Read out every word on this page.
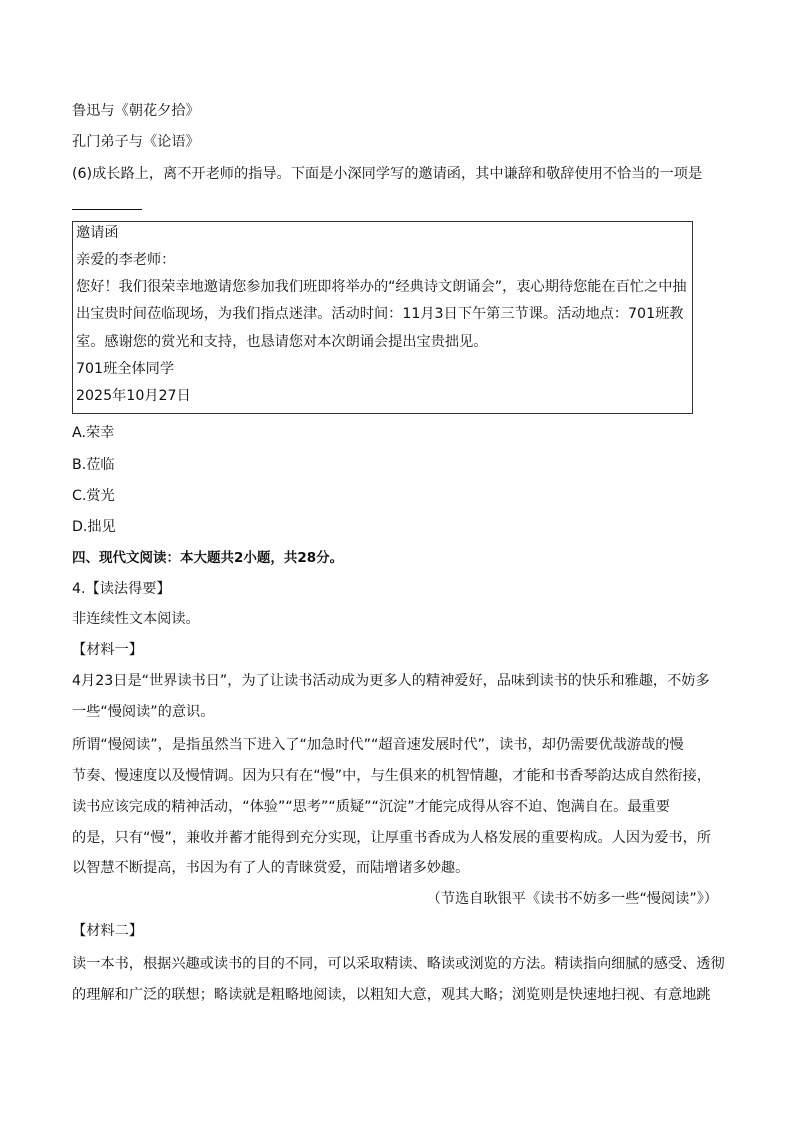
鲁迅与《朝花夕拾》
孔门弟子与《论语》
(6)成长路上，离不开老师的指导。下面是小深同学写的邀请函，其中谦辞和敬辞使用不恰当的一项是
邀请函
亲爱的李老师：
您好！我们很荣幸地邀请您参加我们班即将举办的“经典诗文朗诵会”，衷心期待您能在百忙之中抽
出宝贵时间莅临现场，为我们指点迷津。活动时间：11月3日下午第三节课。活动地点：701班教
室。感谢您的赏光和支持，也恳请您对本次朗诵会提出宝贵拙见。
701班全体同学
2025年10月27日
A.荣幸
B.莅临
C.赏光
D.拙见
四、现代文阅读：本大题共2小题，共28分。
4.【读法得要】
非连续性文本阅读。
【材料一】
4月23日是“世界读书日”，为了让读书活动成为更多人的精神爱好，品味到读书的快乐和雅趣，不妨多
一些“慢阅读”的意识。
所谓“慢阅读”，是指虽然当下进入了“加急时代”“超音速发展时代”，读书，却仍需要优哉游哉的慢
节奏、慢速度以及慢情调。因为只有在“慢”中，与生俱来的机智情趣，才能和书香琴韵达成自然衔接，
读书应该完成的精神活动，“体验”“思考”“质疑”“沉淀”才能完成得从容不迫、饱满自在。最重要
的是，只有“慢”，兼收并蓄才能得到充分实现，让厚重书香成为人格发展的重要构成。人因为爱书，所
以智慧不断提高，书因为有了人的青睐赏爱，而陆增诸多妙趣。
（节选自耿银平《读书不妨多一些“慢阅读”》）
【材料二】
读一本书，根据兴趣或读书的目的不同，可以采取精读、略读或浏览的方法。精读指向细腻的感受、透彻
的理解和广泛的联想；略读就是粗略地阅读，以粗知大意，观其大略；浏览则是快速地扫视、有意地跳
